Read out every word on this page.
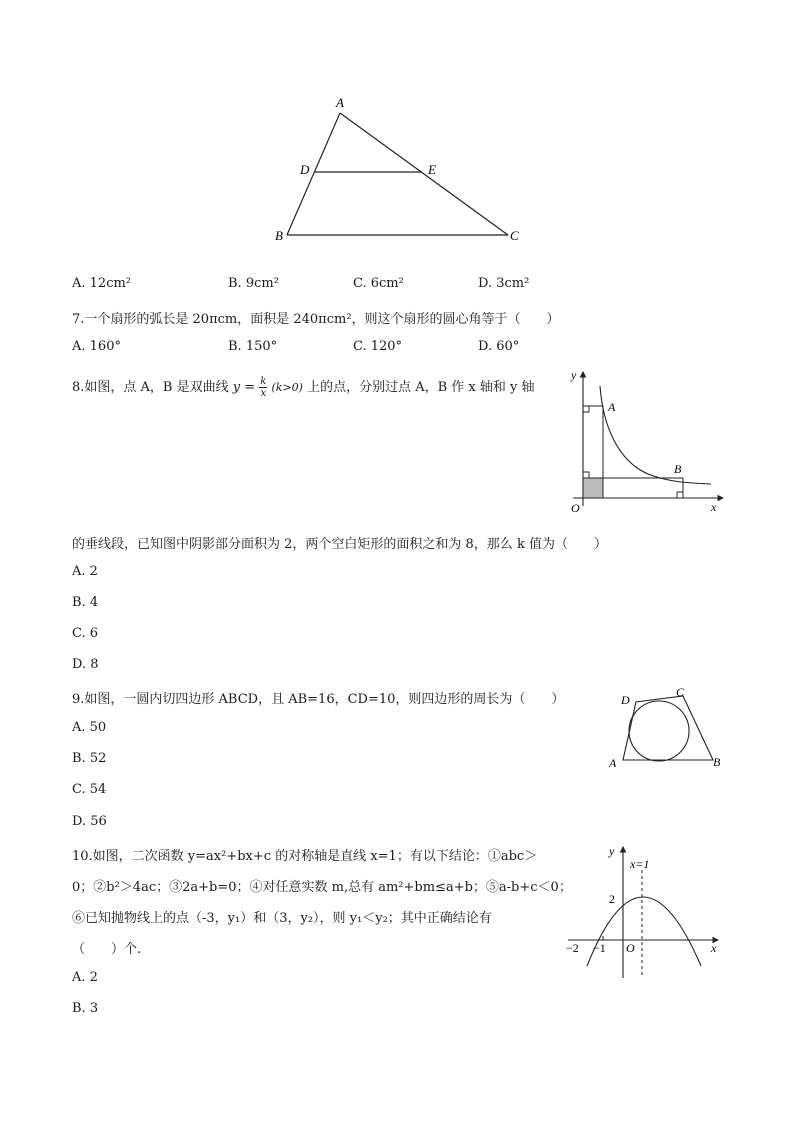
A
D	E
B	C
A. 12cm²	B. 9cm²	C. 6cm²	D. 3cm²
7.一个扇形的弧长是 20πcm，面积是 240πcm²，则这个扇形的圆心角等于（　　）
A. 160°	B. 150°	C. 120°	D. 60°
8.如图，点 A，B 是双曲线 $y = \frac{k}{x} (k>0)$ 上的点，分别过点 A，B 作 x 轴和 y 轴
y
x
O
A
B
的垂线段，已知图中阴影部分面积为 2，两个空白矩形的面积之和为 8，那么 k 值为（　　）
A. 2
B. 4
C. 6
D. 8
9.如图，一圆内切四边形 ABCD，且 AB=16，CD=10，则四边形的周长为（　　）
A	B
C
D
A. 50
B. 52
C. 54
D. 56
10.如图，二次函数 y=ax²+bx+c 的对称轴是直线 x=1；有以下结论：①abc＞
0；②b²＞4ac；③2a+b=0；④对任意实数 m,总有 am²+bm≤a+b；⑤a-b+c＜0；
⑥已知抛物线上的点（-3，y₁）和（3，y₂），则 y₁＜y₂；其中正确结论有
（　　）个.
y
x=1
2
−2 −1 O	x
A. 2
B. 3
